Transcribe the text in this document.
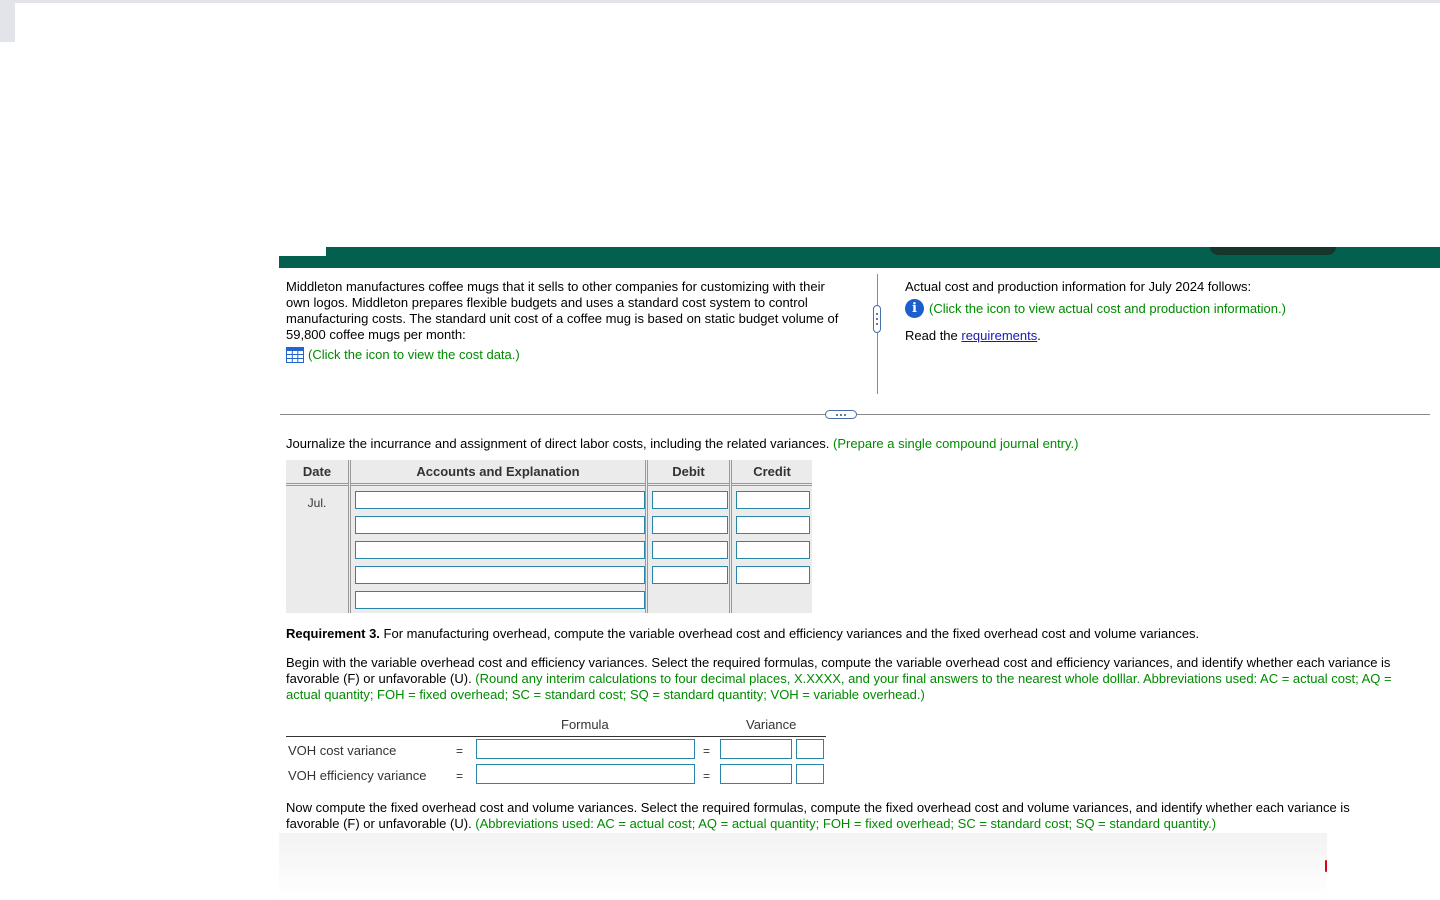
Middleton manufactures coffee mugs that it sells to other companies for customizing with their own logos. Middleton prepares flexible budgets and uses a standard cost system to control manufacturing costs. The standard unit cost of a coffee mug is based on static budget volume of 59,800 coffee mugs per month:
(Click the icon to view the cost data.)
Actual cost and production information for July 2024 follows:
i (Click the icon to view actual cost and production information.)
Read the requirements.
Journalize the incurrance and assignment of direct labor costs, including the related variances. (Prepare a single compound journal entry.)
Date	Accounts and Explanation	Debit	Credit
Jul.
Requirement 3. For manufacturing overhead, compute the variable overhead cost and efficiency variances and the fixed overhead cost and volume variances.
Begin with the variable overhead cost and efficiency variances. Select the required formulas, compute the variable overhead cost and efficiency variances, and identify whether each variance is favorable (F) or unfavorable (U). (Round any interim calculations to four decimal places, X.XXXX, and your final answers to the nearest whole dolllar. Abbreviations used: AC = actual cost; AQ = actual quantity; FOH = fixed overhead; SC = standard cost; SQ = standard quantity; VOH = variable overhead.)
Formula	Variance
VOH cost variance	=	=
VOH efficiency variance =	=
Now compute the fixed overhead cost and volume variances. Select the required formulas, compute the fixed overhead cost and volume variances, and identify whether each variance is favorable (F) or unfavorable (U). (Abbreviations used: AC = actual cost; AQ = actual quantity; FOH = fixed overhead; SC = standard cost; SQ = standard quantity.)
